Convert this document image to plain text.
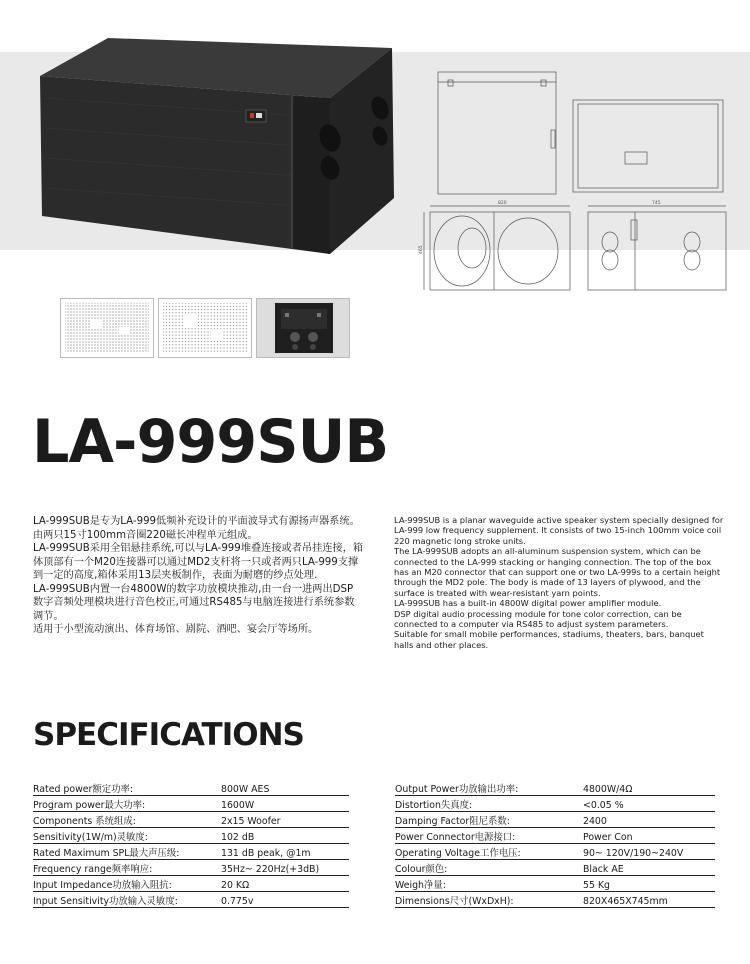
820	745
465
LA-999SUB

LA-999SUB是专为LA-999低频补充设计的平面波导式有源扬声器系统。由两只15寸100mm音圈220磁长冲程单元组成。

LA-999SUB采用全铝悬挂系统,可以与LA-999堆叠连接或者吊挂连接，箱体顶部有一个M20连接器可以通过MD2支杆将一只或者两只LA-999支撑到一定的高度,箱体采用13层夹板制作，表面为耐磨的纱点处理.

LA-999SUB内置一台4800W的数字功放模块推动,由一台一进两出DSP数字音频处理模块进行音色校正,可通过RS485与电脑连接进行系统参数调节。

适用于小型流动演出、体育场馆、剧院、酒吧、宴会厅等场所。

LA-999SUB is a planar waveguide active speaker system specially designed for LA-999 low frequency supplement. It consists of two 15-inch 100mm voice coil 220 magnetic long stroke units.

The LA-999SUB adopts an all-aluminum suspension system, which can be connected to the LA-999 stacking or hanging connection. The top of the box has an M20 connector that can support one or two LA-999s to a certain height through the MD2 pole. The body is made of 13 layers of plywood, and the surface is treated with wear-resistant yarn points.

LA-999SUB has a built-in 4800W digital power amplifier module.

DSP digital audio processing module for tone color correction, can be connected to a computer via RS485 to adjust system parameters.

Suitable for small mobile performances, stadiums, theaters, bars, banquet halls and other places.

SPECIFICATIONS
Rated power额定功率:	800W AES
Program power最大功率:	1600W
Components 系统组成:	2x15 Woofer
Sensitivity(1W/m)灵敏度:	102 dB
Rated Maximum SPL最大声压级:	131 dB peak, @1m
Frequency range频率响应:	35Hz~ 220Hz(+3dB)
Input Impedance功放输入阻抗:	20 KΩ
Input Sensitivity功放输入灵敏度:	0.775v
Output Power功放输出功率:	4800W/4Ω
Distortion失真度:	<0.05 %
Damping Factor阻尼系数:	2400
Power Connector电源接口:	Power Con
Operating Voltage工作电压:	90~ 120V/190~240V
Colour颜色:	Black AE
Weigh净量:	55 Kg
Dimensions尺寸(WxDxH):	820X465X745mm
